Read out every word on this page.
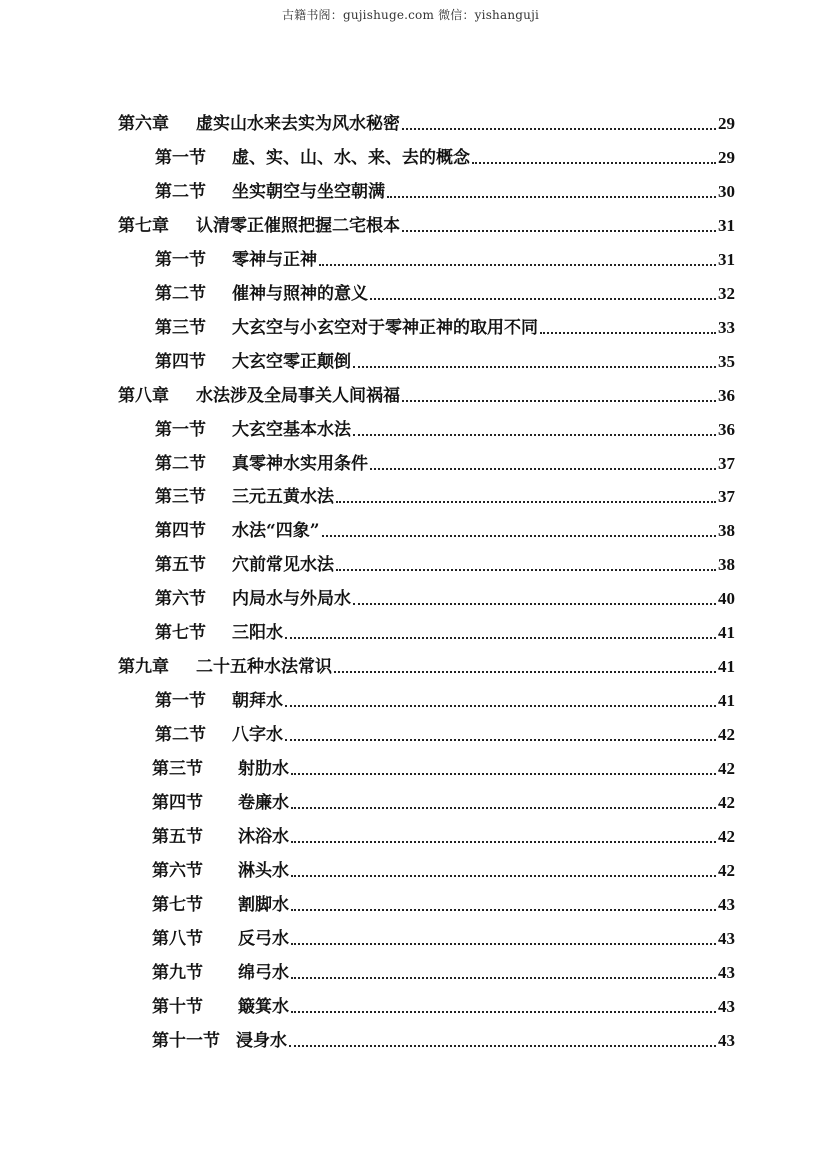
古籍书阁：gujishuge.com 微信：yishanguji
第六章	虚实山水来去实为风水秘密	29
第一节	虚、实、山、水、来、去的概念	29
第二节	坐实朝空与坐空朝满	30
第七章	认清零正催照把握二宅根本	31
第一节	零神与正神	31
第二节	催神与照神的意义	32
第三节	大玄空与小玄空对于零神正神的取用不同	33
第四节	大玄空零正颠倒	35
第八章	水法涉及全局事关人间祸福	36
第一节	大玄空基本水法	36
第二节	真零神水实用条件	37
第三节	三元五黄水法	37
第四节	水法“四象”	38
第五节	穴前常见水法	38
第六节	内局水与外局水	40
第七节	三阳水	41
第九章	二十五种水法常识	41
第一节	朝拜水	41
第二节	八字水	42
第三节	射肋水	42
第四节	卷廉水	42
第五节	沐浴水	42
第六节	淋头水	42
第七节	割脚水	43
第八节	反弓水	43
第九节	绵弓水	43
第十节	簸箕水	43
第十一节 浸身水	43
